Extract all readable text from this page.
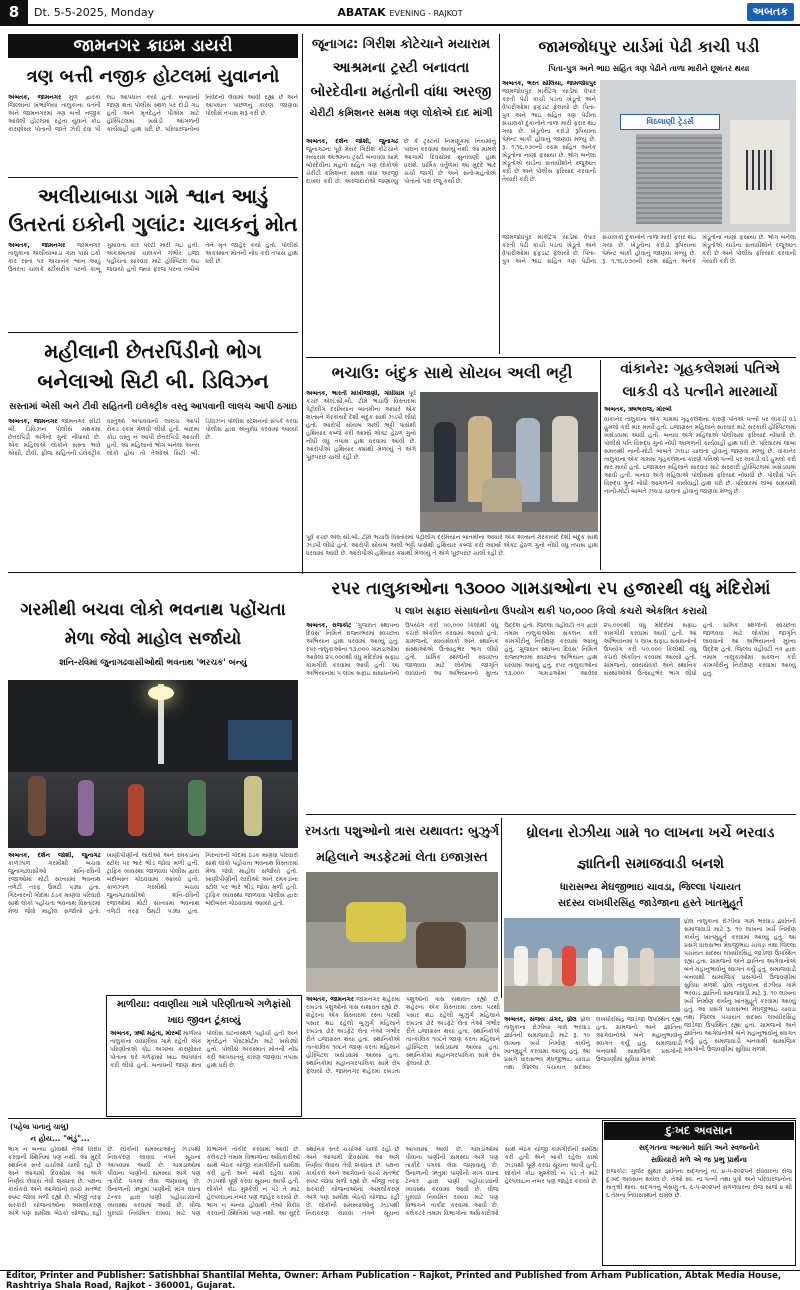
8	Dt. 5-5-2025, Monday	ABATAK EVENING - RAJKOT	અબતક
જામનગર ક્રાઇમ ડાયરી
ત્રણ બત્તી નજીક હોટલમાં યુવાનનો
અબતક, જામનગર મુળ દ્વારકા જિલ્લાના ખંભાળિયા તાલુકાના વતની અને જામનગરમાં ત્રણ બત્તી નજીક આવેલી હોટલમાં રહેતા યુવાને કોઇ કારણોસર પોતાની જાતે ઝેરી દવા પી લઇ આપઘાત કર્યો હતો. બનાવની જાણ થતા પોલીસ સ્થળ પર દોડી ગઇ હતી અને મૃતદેહને પીએમ માટે હોસ્પિટલમાં ખસેડી આગળની કાર્યવાહી હાથ ધરી છે. પરિવારજનોના નિવેદનો લેવામાં આવી રહ્યા છે અને આપઘાત પાછળનું કારણ જાણવા પોલીસે તપાસ શરૂ કરી છે.
અલીયાબાડા ગામે શ્વાન આડું ઉતરતાં ઇકોની ગુલાંટ: ચાલકનું મોત
અબતક, જામનગર જામનગર તાલુકાના અલીયાબાડા ગામ પાસે ઇકો કાર રસ્તા પર અચાનક શ્વાન આડું ઉતરતા ચાલકે સ્ટીયરીંગ પરનો કાબૂ ગુમાવતા કાર પલ્ટી મારી ગઇ હતી. અકસ્માતમાં ચાલકને ગંભીર ઇજા પહોંચતા સારવાર માટે હોસ્પિટલ લઇ જવાયો હતો જ્યાં ફરજ પરના તબીબે તેને મૃત જાહેર કર્યો હતો. પોલીસે અકસ્માત મોતની નોંધ કરી તપાસ હાથ ધરી છે.
મહીલાની છેતરપિંડીનો ભોગ બનેલાઓ સિટી બી. ડિવિઝન
સસ્તામાં એસી અને ટીવી સહિતની ઇલેક્ટ્રીક વસ્તુ આપવાની લાલચ આપી ઠગાઇ
અબતક, જામનગર જામનગર સીટી બી. ડિવિઝન પોલીસ મથકમાં છેતરપિંડી અંગેનો ગુનો નોંધાયો છે. એક મહિલાએ લોકોને સસ્તા ભાવે એસી, ટીવી, ફ્રીજ સહિતની ઇલેક્ટ્રીક વસ્તુઓ અપાવવાની લાલચ આપી રોકડ રકમ મેળવી લીધી હતી. બાદમાં કોઇ વસ્તુ ન આપી છેતરપિંડી આચરી હતી. આ મહિલાનો ભોગ બનેલા અન્ય લોકો હોય તો તેઓએ સિટી બી. ડિવિઝન પોલીસ સ્ટેશનનો સંપર્ક કરવા પોલીસ દ્વારા અનુરોધ કરવામાં આવ્યો છે.
જૂનાગઢ: ગિરીશ કોટેચાને મયારામ
આશ્રમના ટ્રસ્ટી બનાવતા
બોરદેવીના મહંતોની વાંધા અરજી
ચેરીટી કમિશનર સમક્ષ ત્રણ લોકોએ દાદ માંગી
અબતક, દર્શન જોશી, જુનાગઢ જુનાગઢના પૂર્વ મેયર ગિરીશ કોટેચાને મયારામ આશ્રમના ટ્રસ્ટી બનાવવા સામે બોરદેવીના મહંતો સહિત ત્રણ લોકોએ ચેરીટી કમિશનર સમક્ષ વાંધા અરજી દાખલ કરી છે. અરજદારોએ જણાવ્યું છે કે ટ્રસ્ટની નિમણૂકમાં નિયમોનું પાલન કરવામાં આવ્યું નથી. આ મામલે આગામી દિવસોમાં સુનાવણી હાથ ધરાશે. ધાર્મિક વર્તુળમાં આ મુદ્દે ભારે ચર્ચા જાગી છે અને સંતો-મહંતોએ પોતાનો પક્ષ રજૂ કર્યો છે.
જામજોધપુર યાર્ડમાં પેઢી કાચી પડી
પિતા-પુત્ર અને ભાઇ સહિત ત્રણ પેઢીને તાળા મારીને છૂમંતર થયા
અબતક, ભરત સોલિયા, જામજોધપુર જામજોધપુર માર્કેટિંગ યાર્ડમાં વેપાર કરતી પેઢી કાચી પડતા ખેડૂતો અને વેપારીઓમાં ફફડાટ ફેલાયો છે. પિતા-પુત્ર અને ભાઇ સહિત ત્રણ પેઢીના સંચાલકો દુકાનોને તાળા મારી ફરાર થઇ ગયા છે. ખેડૂતોના કરોડો રૂપિયાના પેમેન્ટ બાકી હોવાનું જાણવા મળ્યું છે. રૂ. ૧,૧૬,૦૭૦ની રકમ સહિત અનેક ખેડૂતોના નાણાં ફસાયા છે. ભોગ બનેલા ખેડૂતોએ યાર્ડના સત્તાધીશોને રજૂઆત કરી છે અને પોલીસ ફરિયાદ કરવાની તૈયારી કરી છે.
વિઠલાણી ટ્રેડર્સ
જામજોધપુર માર્કેટિંગ યાર્ડમાં વેપાર કરતી પેઢી કાચી પડતા ખેડૂતો અને વેપારીઓમાં ફફડાટ ફેલાયો છે. પિતા-પુત્ર અને ભાઇ સહિત ત્રણ પેઢીના સંચાલકો દુકાનોને તાળા મારી ફરાર થઇ ગયા છે. ખેડૂતોના કરોડો રૂપિયાના પેમેન્ટ બાકી હોવાનું જાણવા મળ્યું છે. રૂ. ૧,૧૬,૦૭૦ની રકમ સહિત અનેક ખેડૂતોના નાણાં ફસાયા છે. ભોગ બનેલા ખેડૂતોએ યાર્ડના સત્તાધીશોને રજૂઆત કરી છે અને પોલીસ ફરિયાદ કરવાની તૈયારી કરી છે.
ભચાઉ: બંદુક સાથે સોયબ અલી ભટ્ટી
અબતક, ભારતી માખીજાણી, ગાંધીધામ પૂર્વ કચ્છ એલ.સી.બી. ટીમે ભચાઉ વિસ્તારમાં પેટ્રોલીંગ દરમિયાન બાતમીના આધારે એક શખ્સને ગેરકાયદે દેશી બંદુક સાથે ઝડપી લીધો હતો. આરોપી સોયબ અલી ભટ્ટી પાસેથી હથિયાર કબ્જે કરી આર્મ્સ એક્ટ હેઠળ ગુનો નોંધી વધુ તપાસ હાથ ધરવામાં આવી છે. આરોપીએ હથિયાર ક્યાંથી મેળવ્યું તે અંગે પૂછપરછ ચાલી રહી છે.
પૂર્વ કચ્છ એલ.સી.બી. ટીમે ભચાઉ વિસ્તારમાં પેટ્રોલીંગ દરમિયાન બાતમીના આધારે એક શખ્સને ગેરકાયદે દેશી બંદુક સાથે ઝડપી લીધો હતો. આરોપી સોયબ અલી ભટ્ટી પાસેથી હથિયાર કબ્જે કરી આર્મ્સ એક્ટ હેઠળ ગુનો નોંધી વધુ તપાસ હાથ ધરવામાં આવી છે. આરોપીએ હથિયાર ક્યાંથી મેળવ્યું તે અંગે પૂછપરછ ચાલી રહી છે.
વાંકાનેર: ગૃહકલેશમાં પતિએ લાકડી વડે પત્નીને મારમાર્યો
અબતક, ઋષભરાજ, મોરબી
વાંકાનેર તાલુકાના એક ગામમાં ગૃહકલેશના કારણે પતિએ પત્ની પર લાકડી વડે હુમલો કરી માર માર્યો હતો. ઇજાગ્રસ્ત મહિલાને સારવાર માટે સરકારી હોસ્પિટલમાં ખસેડવામાં આવી હતી. બનાવ અંગે મહિલાએ પોલીસમાં ફરિયાદ નોંધાવી છે. પોલીસે પતિ વિરુદ્ધ ગુનો નોંધી આગળની કાર્યવાહી હાથ ધરી છે. પરિવારમાં લાંબા સમયથી નાની-મોટી બાબતે ઝઘડા ચાલતા હોવાનું જાણવા મળ્યું છે. વાંકાનેર તાલુકાના એક ગામમાં ગૃહકલેશના કારણે પતિએ પત્ની પર લાકડી વડે હુમલો કરી માર માર્યો હતો. ઇજાગ્રસ્ત મહિલાને સારવાર માટે સરકારી હોસ્પિટલમાં ખસેડવામાં આવી હતી. બનાવ અંગે મહિલાએ પોલીસમાં ફરિયાદ નોંધાવી છે. પોલીસે પતિ વિરુદ્ધ ગુનો નોંધી આગળની કાર્યવાહી હાથ ધરી છે. પરિવારમાં લાંબા સમયથી નાની-મોટી બાબતે ઝઘડા ચાલતા હોવાનું જાણવા મળ્યું છે.
ગરમીથી બચવા લોકો ભવનાથ પહોંચતા મેળા જેવો માહોલ સર્જાયો
શનિ-રવિમાં જુનાગઢવાસીઓથી ભવનાથ 'ભરચક' બન્યું
અબતક, દર્શન જોશી, જુનાગઢ કાળઝાળ ગરમીથી બચવા જુનાગઢવાસીઓ શનિ-રવિની રજાઓમાં મોટી સંખ્યામાં ભવનાથ તળેટી તરફ ઉમટી પડ્યા હતા. ગિરનારની ગોદમાં ઠંડક માણવા પરિવારો સાથે લોકો પહોંચતા ભવનાથ વિસ્તારમાં મેળા જેવો માહોલ સર્જાયો હતો. ખાણીપીણીની લારીઓ અને રમકડાંના સ્ટોલ પર ભારે ભીડ જોવા મળી હતી. ટ્રાફિક વ્યવસ્થા જાળવવા પોલીસ દ્વારા બંદોબસ્ત ગોઠવવામાં આવ્યો હતો. કાળઝાળ ગરમીથી બચવા જુનાગઢવાસીઓ શનિ-રવિની રજાઓમાં મોટી સંખ્યામાં ભવનાથ તળેટી તરફ ઉમટી પડ્યા હતા. ગિરનારની ગોદમાં ઠંડક માણવા પરિવારો સાથે લોકો પહોંચતા ભવનાથ વિસ્તારમાં મેળા જેવો માહોલ સર્જાયો હતો. ખાણીપીણીની લારીઓ અને રમકડાંના સ્ટોલ પર ભારે ભીડ જોવા મળી હતી. ટ્રાફિક વ્યવસ્થા જાળવવા પોલીસ દ્વારા બંદોબસ્ત ગોઠવવામાં આવ્યો હતો.
રપર તાલુકાઓના ૧૩૦૦૦ ગામડાઓના ર૫ હજારથી વધુ મંદિરોમાં
૫ લાખ સફાઇ સંસાધનોના ઉપયોગ થકી ૫૦,૦૦૦ કિલો કચરો એકત્રિત કરાયો
અબતક, રાજકોટ 'ગુજરાત સ્થાપના દિવસ' નિમિત્તે રાજ્યભરમાં સ્વચ્છતા અભિયાન હાથ ધરવામાં આવ્યું હતું. રપર તાલુકાઓના ૧૩,૦૦૦ ગામડાઓમાં આવેલા ૨૫,૦૦૦થી વધુ મંદિરોમાં સફાઇ કામગીરી કરવામાં આવી હતી. આ અભિયાનમાં ૫ લાખ સફાઇ સંસાધનોનો ઉપયોગ કરી ૫૦,૦૦૦ કિલોથી વધુ કચરો એકત્રિત કરવામાં આવ્યો હતો. ગ્રામજનો, સ્વયંસેવકો અને સ્થાનિક સંસ્થાઓએ ઉત્સાહભેર ભાગ લીધો હતો. ધાર્મિક સ્થળોની સ્વચ્છતા જાળવવા માટે લોકોમાં જાગૃતિ લાવવાનો આ અભિયાનનો મુખ્ય ઉદ્દેશ હતો. જિલ્લા વહીવટી તંત્ર દ્વારા તમામ તાલુકાઓમાં સંકલન કરી કામગીરીનું નિરીક્ષણ કરવામાં આવ્યું હતું. 'ગુજરાત સ્થાપના દિવસ' નિમિત્તે રાજ્યભરમાં સ્વચ્છતા અભિયાન હાથ ધરવામાં આવ્યું હતું. રપર તાલુકાઓના ૧૩,૦૦૦ ગામડાઓમાં આવેલા ૨૫,૦૦૦થી વધુ મંદિરોમાં સફાઇ કામગીરી કરવામાં આવી હતી. આ અભિયાનમાં ૫ લાખ સફાઇ સંસાધનોનો ઉપયોગ કરી ૫૦,૦૦૦ કિલોથી વધુ કચરો એકત્રિત કરવામાં આવ્યો હતો. ગ્રામજનો, સ્વયંસેવકો અને સ્થાનિક સંસ્થાઓએ ઉત્સાહભેર ભાગ લીધો હતો. ધાર્મિક સ્થળોની સ્વચ્છતા જાળવવા માટે લોકોમાં જાગૃતિ લાવવાનો આ અભિયાનનો મુખ્ય ઉદ્દેશ હતો. જિલ્લા વહીવટી તંત્ર દ્વારા તમામ તાલુકાઓમાં સંકલન કરી કામગીરીનું નિરીક્ષણ કરવામાં આવ્યું હતું.
રખડતા પશુઓનો ત્રાસ યથાવત: બુઝુર્ગ મહિલાને અડફેટમાં લેતા ઇજાગ્રસ્ત
ધ્રોલના રોઝીયા ગામે ૧૦ લાખના ખર્ચે ભરવાડ જ્ઞાતિની સમાજવાડી બનશે
ધારાસભ્ય મેઘજીભાઇ ચાવડા, જિલ્લા પંચાયત
સદસ્ય લખધીરસિંહ જાડેજાના હસ્તે ખાતમુહૂર્ત
ધ્રોલ તાલુકાના રોઝીયા ગામે ભરવાડ જ્ઞાતિની સમાજવાડી માટે રૂ. ૧૦ લાખના ખર્ચે નિર્માણ કાર્યનું ખાતમુહૂર્ત કરવામાં આવ્યું હતું. આ પ્રસંગે ધારાસભ્ય મેઘજીભાઇ ચાવડા તથા જિલ્લા પંચાયત સદસ્ય લખધીરસિંહ જાડેજા ઉપસ્થિત રહ્યા હતા. ગ્રામજનો અને જ્ઞાતિના આગેવાનોએ બંને મહાનુભાવોનું સ્વાગત કર્યું હતું. સમાજવાડી બનવાથી સામાજિક પ્રસંગોની ઉજવણીમાં સુવિધા મળશે. ધ્રોલ તાલુકાના રોઝીયા ગામે ભરવાડ જ્ઞાતિની સમાજવાડી માટે રૂ. ૧૦ લાખના ખર્ચે નિર્માણ કાર્યનું ખાતમુહૂર્ત કરવામાં આવ્યું હતું. આ પ્રસંગે ધારાસભ્ય મેઘજીભાઇ ચાવડા તથા જિલ્લા પંચાયત સદસ્ય લખધીરસિંહ જાડેજા ઉપસ્થિત રહ્યા હતા. ગ્રામજનો અને જ્ઞાતિના આગેવાનોએ બંને મહાનુભાવોનું સ્વાગત કર્યું હતું. સમાજવાડી બનવાથી સામાજિક પ્રસંગોની ઉજવણીમાં સુવિધા મળશે.
અબતક, સંજય ડાંગર, ધ્રોલ ધ્રોલ તાલુકાના રોઝીયા ગામે ભરવાડ જ્ઞાતિની સમાજવાડી માટે રૂ. ૧૦ લાખના ખર્ચે નિર્માણ કાર્યનું ખાતમુહૂર્ત કરવામાં આવ્યું હતું. આ પ્રસંગે ધારાસભ્ય મેઘજીભાઇ ચાવડા તથા જિલ્લા પંચાયત સદસ્ય લખધીરસિંહ જાડેજા ઉપસ્થિત રહ્યા હતા. ગ્રામજનો અને જ્ઞાતિના આગેવાનોએ બંને મહાનુભાવોનું સ્વાગત કર્યું હતું. સમાજવાડી બનવાથી સામાજિક પ્રસંગોની ઉજવણીમાં સુવિધા મળશે.
માળીયા: વવાણીયા ગામે પરિણીતાએ ગળેફાંસો ખાઇ જીવન ટૂંકાવ્યું
અબતક, ઋષી મહેતા, મોરબી માળીયા તાલુકાના વવાણીયા ગામે રહેતી એક પરિણીતાએ કોઇ અગમ્ય કારણોસર પોતાના ઘરે ગળેફાંસો ખાઇ આપઘાત કરી લીધો હતો. બનાવની જાણ થતા પોલીસ ઘટનાસ્થળે પહોંચી હતી અને મૃતદેહને પોસ્ટમોર્ટમ માટે ખસેડ્યો હતો. પોલીસે અકસ્માત મોતની નોંધ કરી આપઘાતનું કારણ જાણવા તપાસ હાથ ધરી છે.
અબતક, જામનગર જામનગર શહેરમાં રખડતા પશુઓનો ત્રાસ યથાવત રહ્યો છે. શહેરના એક વિસ્તારમાં રસ્તા પરથી પસાર થઇ રહેલી બુઝુર્ગ મહિલાને રખડતા ઢોરે અડફેટે લેતા તેઓ ગંભીર રીતે ઇજાગ્રસ્ત થયા હતા. સ્થાનિકોએ તાત્કાલિક ૧૦૮ને જાણ કરતા મહિલાને હોસ્પિટલ ખસેડવામાં આવ્યા હતા. સ્થાનિકોમાં મહાનગરપાલિકા સામે રોષ ફેલાયો છે. જામનગર શહેરમાં રખડતા પશુઓનો ત્રાસ યથાવત રહ્યો છે. શહેરના એક વિસ્તારમાં રસ્તા પરથી પસાર થઇ રહેલી બુઝુર્ગ મહિલાને રખડતા ઢોરે અડફેટે લેતા તેઓ ગંભીર રીતે ઇજાગ્રસ્ત થયા હતા. સ્થાનિકોએ તાત્કાલિક ૧૦૮ને જાણ કરતા મહિલાને હોસ્પિટલ ખસેડવામાં આવ્યા હતા. સ્થાનિકોમાં મહાનગરપાલિકા સામે રોષ ફેલાયો છે.
(પહેલા પાનાનું ચાલુ)
ન હોય... "ભંડું"...
ભાગ ન બન્યા હોવાથી તેઓ વિરોધ કરવાની સ્થિતિમાં પણ નથી. આ મુદ્દે સ્થાનિક સ્તરે ચર્ચાઓ ચાલી રહી છે અને આગામી દિવસોમાં આ અંગે નિર્ણય લેવાય તેવી શક્યતા છે. પક્ષના કાર્યકરો અને આગેવાનો વચ્ચે મતભેદ સ્પષ્ટ જોવા મળી રહ્યો છે. બીજી તરફ સરકારી યોજનાઓના અમલીકરણ અંગે પણ સમીક્ષા બેઠકો યોજાઇ રહી છે. લોકોની સમસ્યાઓનું ઝડપથી નિરાકરણ લાવવા તંત્રને સૂચના આપવામાં આવી છે. ગામડાંઓમાં પીવાના પાણીની સમસ્યા અંગે પણ તાકીદે પગલાં લેવા જણાવાયું છે. ઉનાળાની ઋતુમાં પાણીની માંગ વધતા ટેન્કર દ્વારા પાણી પહોંચાડવાની વ્યવસ્થા કરવામાં આવી છે. વીજ પુરવઠો નિયમિત રાખવા માટે પણ વિભાગને તાકીદ કરવામાં આવી છે. કલેકટરે તમામ વિભાગોના અધિકારીઓ સાથે બેઠક યોજી કામગીરીની સમીક્ષા કરી હતી અને બાકી રહેલા કામો ઝડપથી પૂર્ણ કરવા સૂચના આપી હતી. લોકોને કોઇ મુશ્કેલી ન પડે તે માટે હેલ્પલાઇન નંબર પણ જાહેર કરાયો છે. ભાગ ન બન્યા હોવાથી તેઓ વિરોધ કરવાની સ્થિતિમાં પણ નથી. આ મુદ્દે સ્થાનિક સ્તરે ચર્ચાઓ ચાલી રહી છે અને આગામી દિવસોમાં આ અંગે નિર્ણય લેવાય તેવી શક્યતા છે. પક્ષના કાર્યકરો અને આગેવાનો વચ્ચે મતભેદ સ્પષ્ટ જોવા મળી રહ્યો છે. બીજી તરફ સરકારી યોજનાઓના અમલીકરણ અંગે પણ સમીક્ષા બેઠકો યોજાઇ રહી છે. લોકોની સમસ્યાઓનું ઝડપથી નિરાકરણ લાવવા તંત્રને સૂચના આપવામાં આવી છે. ગામડાંઓમાં પીવાના પાણીની સમસ્યા અંગે પણ તાકીદે પગલાં લેવા જણાવાયું છે. ઉનાળાની ઋતુમાં પાણીની માંગ વધતા ટેન્કર દ્વારા પાણી પહોંચાડવાની વ્યવસ્થા કરવામાં આવી છે. વીજ પુરવઠો નિયમિત રાખવા માટે પણ વિભાગને તાકીદ કરવામાં આવી છે. કલેકટરે તમામ વિભાગોના અધિકારીઓ સાથે બેઠક યોજી કામગીરીની સમીક્ષા કરી હતી અને બાકી રહેલા કામો ઝડપથી પૂર્ણ કરવા સૂચના આપી હતી. લોકોને કોઇ મુશ્કેલી ન પડે તે માટે હેલ્પલાઇન નંબર પણ જાહેર કરાયો છે.
દુઃખદ અવસાન
સદ્ગતના આત્માને શાંતિ અને સ્વજનોને
સધિયારો મળે એ જ પ્રભુ પ્રાર્થના
રાજકોટ: ગુર્જર સુથાર જ્ઞાતિના સદ્ગતનું તા. ૪-૫-૨૦૨૫ને રવિવારના રોજ દુઃખદ અવસાન થયેલ છે. તેઓ સ્વ. ના પત્ની તથા પુત્રો અને પરિવારજનોના માતૃશ્રી થાય. સદ્ગતનું બેસણું તા. ૬-૫-૨૦૨૫ને મંગળવારના રોજ સાંજે ૪ થી ૬ તેમના નિવાસસ્થાને રાખેલ છે.
Editor, Printer and Publisher: Satishbhai Shantilal Mehta, Owner: Arham Publication - Rajkot, Printed and Published from Arham Publication, Abtak Media House, Rashtriya Shala Road, Rajkot - 360001, Gujarat.
